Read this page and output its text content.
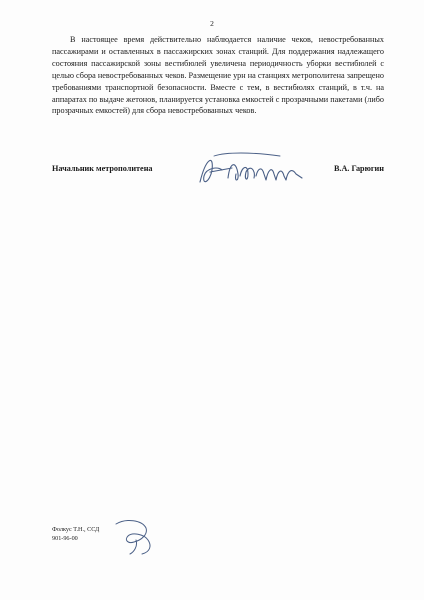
2

В настоящее время действительно наблюдается наличие чеков, невостребованных пассажирами и оставленных в пассажирских зонах станций. Для поддержания надлежащего состояния пассажирской зоны вестибюлей увеличена периодичность уборки вестибюлей с целью сбора невостребованных чеков. Размещение урн на станциях метрополитена запрещено требованиями транспортной безопасности. Вместе с тем, в вестибюлях станций, в т.ч. на аппаратах по выдаче жетонов, планируется установка емкостей с прозрачными пакетами (либо прозрачных емкостей) для сбора невостребованных чеков.

Начальник метрополитена	В.А. Гарюгин
Фолкус Т.Н., ССД
901-96-00
